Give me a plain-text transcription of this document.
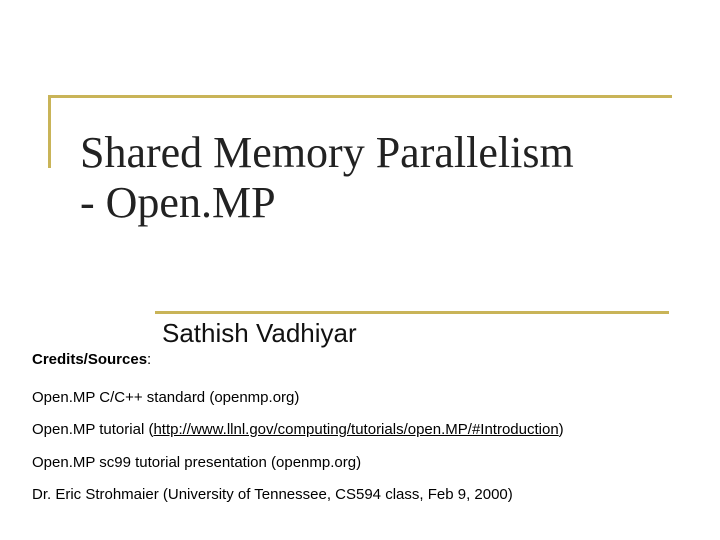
Shared Memory Parallelism
- Open.MP
Sathish Vadhiyar
Credits/Sources:
Open.MP C/C++ standard (openmp.org)
Open.MP tutorial (http://www.llnl.gov/computing/tutorials/open.MP/#Introduction)
Open.MP sc99 tutorial presentation (openmp.org)
Dr. Eric Strohmaier (University of Tennessee, CS594 class, Feb 9, 2000)
